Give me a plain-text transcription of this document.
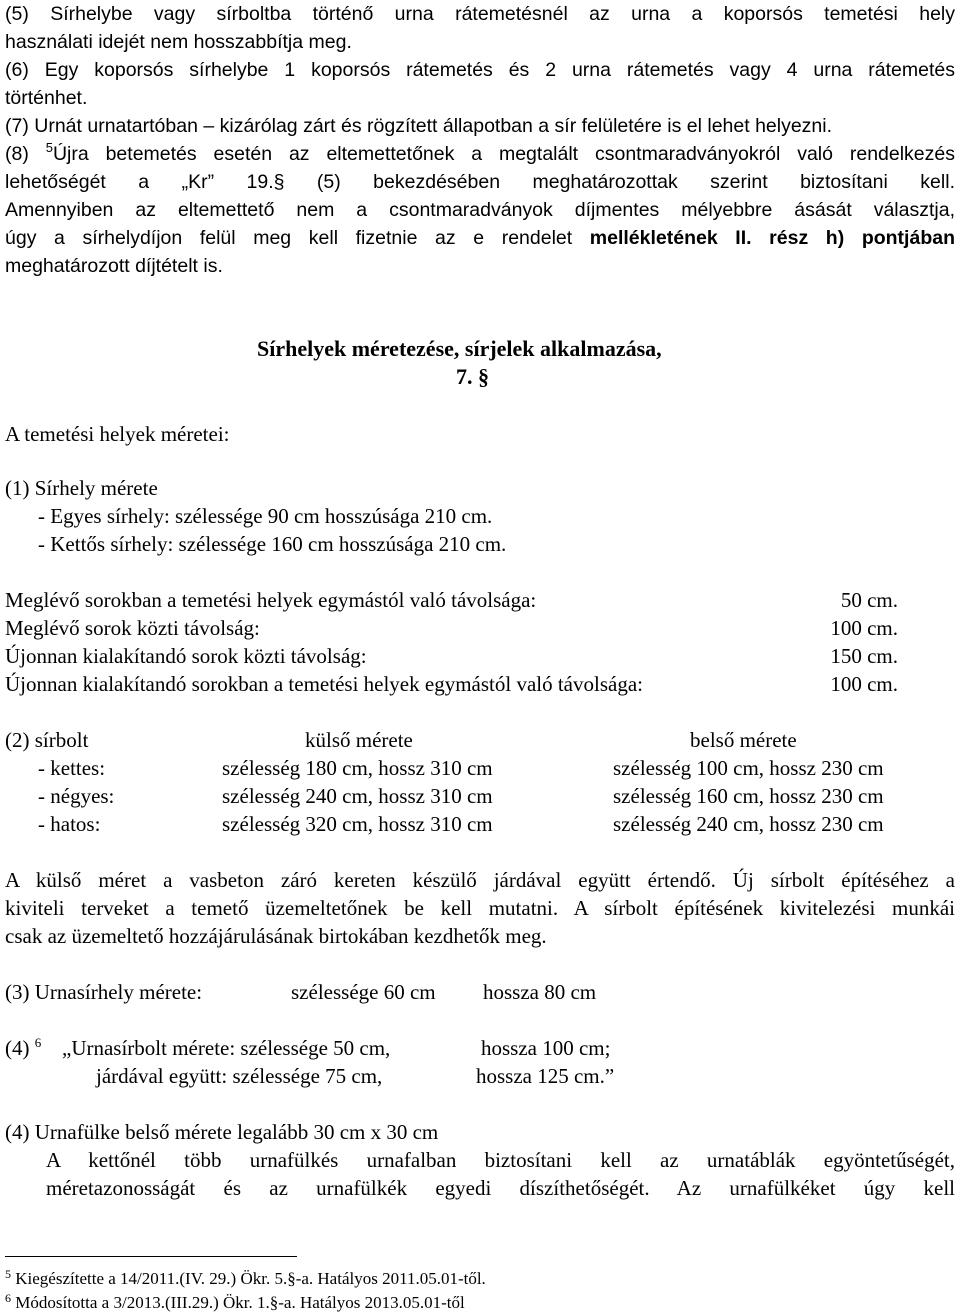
(5) Sírhelybe vagy sírboltba történő urna rátemetésnél az urna a koporsós temetési hely
használati idejét nem hosszabbítja meg.
(6) Egy koporsós sírhelybe 1 koporsós rátemetés és 2 urna rátemetés vagy 4 urna rátemetés
történhet.
(7) Urnát urnatartóban – kizárólag zárt és rögzített állapotban a sír felületére is el lehet helyezni.
(8) $^5$Újra betemetés esetén az eltemettetőnek a megtalált csontmaradványokról való rendelkezés
lehetőségét a „Kr” 19.§ (5) bekezdésében meghatározottak szerint biztosítani kell.
Amennyiben az eltemettető nem a csontmaradványok díjmentes mélyebbre ásását választja,
úgy a sírhelydíjon felül meg kell fizetnie az e rendelet mellékletének II. rész h) pontjában
meghatározott díjtételt is.
Sírhelyek méretezése, sírjelek alkalmazása,
7. §
A temetési helyek méretei:
(1) Sírhely mérete
- Egyes sírhely: szélessége 90 cm hosszúsága 210 cm.
- Kettős sírhely: szélessége 160 cm hosszúsága 210 cm.
Meglévő sorokban a temetési helyek egymástól való távolsága:	50 cm.
Meglévő sorok közti távolság:	100 cm.
Újonnan kialakítandó sorok közti távolság:	150 cm.
Újonnan kialakítandó sorokban a temetési helyek egymástól való távolsága:	100 cm.
(2) sírbolt	külső mérete	belső mérete
- kettes:	szélesség 180 cm, hossz 310 cm	szélesség 100 cm, hossz 230 cm
- négyes:	szélesség 240 cm, hossz 310 cm	szélesség 160 cm, hossz 230 cm
- hatos:	szélesség 320 cm, hossz 310 cm	szélesség 240 cm, hossz 230 cm
A külső méret a vasbeton záró kereten készülő járdával együtt értendő. Új sírbolt építéséhez a
kiviteli terveket a temető üzemeltetőnek be kell mutatni. A sírbolt építésének kivitelezési munkái
csak az üzemeltető hozzájárulásának birtokában kezdhetők meg.
(3) Urnasírhely mérete:	szélessége 60 cm hossza 80 cm
(4) $^6$ „Urnasírbolt mérete: szélessége 50 cm,	hossza 100 cm;
járdával együtt: szélessége 75 cm,	hossza 125 cm.”
(4) Urnafülke belső mérete legalább 30 cm x 30 cm
A kettőnél több urnafülkés urnafalban biztosítani kell az urnatáblák egyöntetűségét,
méretazonosságát és az urnafülkék egyedi díszíthetőségét. Az urnafülkéket úgy kell
$^5$ Kiegészítette a 14/2011.(IV. 29.) Ökr. 5.§-a. Hatályos 2011.05.01-től.
$^6$ Módosította a 3/2013.(III.29.) Ökr. 1.§-a. Hatályos 2013.05.01-től
